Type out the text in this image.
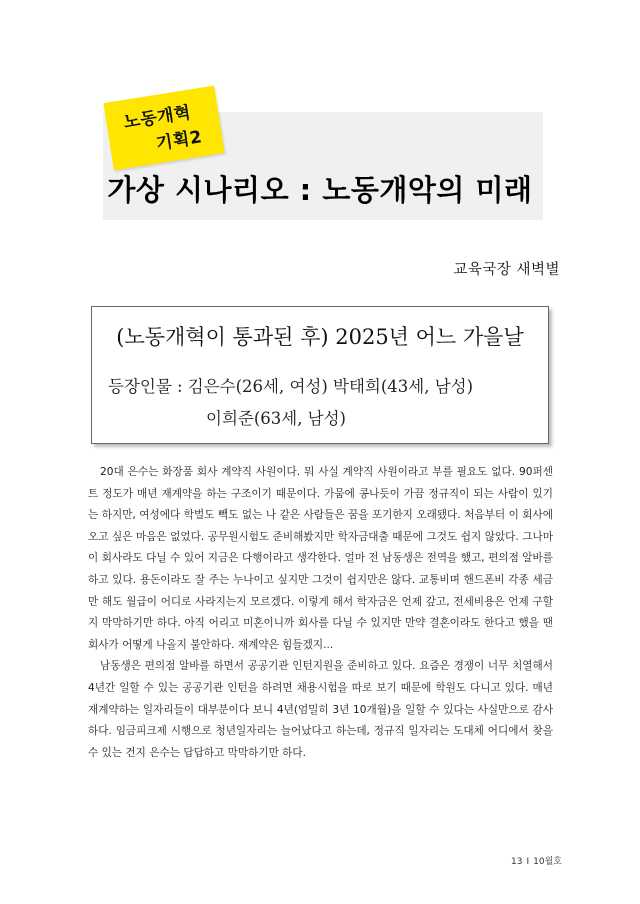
노동개혁
기획2
가상 시나리오 : 노동개악의 미래
교육국장 새벽별
(노동개혁이 통과된 후) 2025년 어느 가을날
등장인물 : 김은수(26세, 여성) 박태희(43세, 남성)
이희준(63세, 남성)

20대 은수는 화장품 회사 계약직 사원이다. 뭐 사실 계약직 사원이라고 부를 필요도 없다. 90퍼센트 정도가 매년 재계약을 하는 구조이기 때문이다. 가뭄에 콩나듯이 가끔 정규직이 되는 사람이 있기는 하지만, 여성에다 학벌도 빽도 없는 나 같은 사람들은 꿈을 포기한지 오래됐다. 처음부터 이 회사에 오고 싶은 마음은 없었다. 공무원시험도 준비해봤지만 학자금대출 때문에 그것도 쉽지 않았다. 그나마 이 회사라도 다닐 수 있어 지금은 다행이라고 생각한다. 얼마 전 남동생은 전역을 했고, 편의점 알바를 하고 있다. 용돈이라도 잘 주는 누나이고 싶지만 그것이 쉽지만은 않다. 교통비며 핸드폰비 각종 세금만 해도 월급이 어디로 사라지는지 모르겠다. 이렇게 해서 학자금은 언제 갚고, 전세비용은 언제 구할지 막막하기만 하다. 아직 어리고 미혼이니까 회사를 다닐 수 있지만 만약 결혼이라도 한다고 했을 땐 회사가 어떻게 나올지 불안하다. 재계약은 힘들겠지...

남동생은 편의점 알바를 하면서 공공기관 인턴지원을 준비하고 있다. 요즘은 경쟁이 너무 치열해서 4년간 일할 수 있는 공공기관 인턴을 하려면 채용시험을 따로 보기 때문에 학원도 다니고 있다. 매년 재계약하는 일자리들이 대부분이다 보니 4년(엄밀히 3년 10개월)을 일할 수 있다는 사실만으로 감사하다. 임금피크제 시행으로 청년일자리는 늘어났다고 하는데, 정규직 일자리는 도대체 어디에서 찾을 수 있는 건지 은수는 답답하고 막막하기만 하다.

13 I 10월호
